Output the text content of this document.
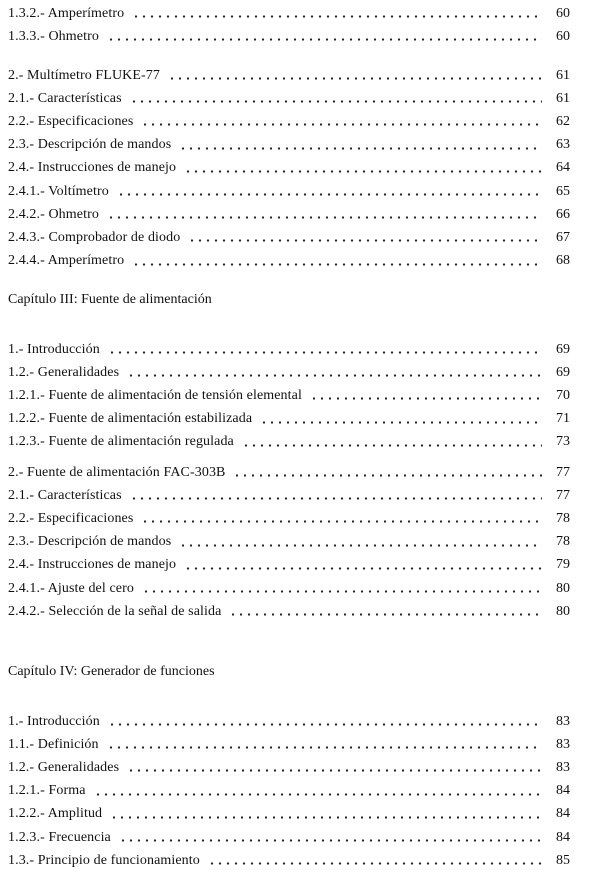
1.3.2.- Amperímetro	60
1.3.3.- Ohmetro	60
2.- Multímetro FLUKE-77	61
2.1.- Características	61
2.2.- Especificaciones	62
2.3.- Descripción de mandos	63
2.4.- Instrucciones de manejo	64
2.4.1.- Voltímetro	65
2.4.2.- Ohmetro	66
2.4.3.- Comprobador de diodo	67
2.4.4.- Amperímetro	68
Capítulo III: Fuente de alimentación
1.- Introducción	69
1.2.- Generalidades	69
1.2.1.- Fuente de alimentación de tensión elemental	70
1.2.2.- Fuente de alimentación estabilizada	71
1.2.3.- Fuente de alimentación regulada	73
2.- Fuente de alimentación FAC-303B	77
2.1.- Características	77
2.2.- Especificaciones	78
2.3.- Descripción de mandos	78
2.4.- Instrucciones de manejo	79
2.4.1.- Ajuste del cero	80
2.4.2.- Selección de la señal de salida	80
Capítulo IV: Generador de funciones
1.- Introducción	83
1.1.- Definición	83
1.2.- Generalidades	83
1.2.1.- Forma	84
1.2.2.- Amplitud	84
1.2.3.- Frecuencia	84
1.3.- Principio de funcionamiento	85
